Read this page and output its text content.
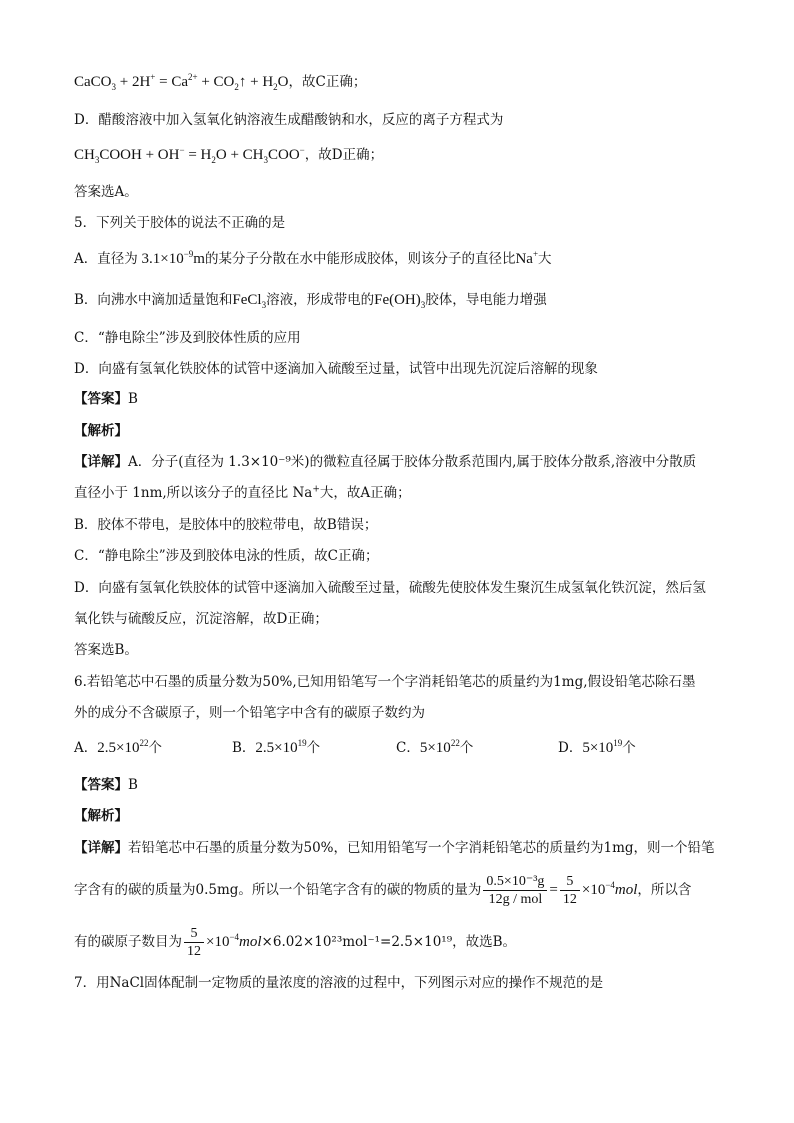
CaCO$_3$ + $2H^+ = Ca^{2+}$ + $CO_2↑ + H_2O$，故C正确；
D．醋酸溶液中加入氢氧化钠溶液生成醋酸钠和水，反应的离子方程式为
$CH_3COOH + OH^- = H_2O + CH_3COO^-$，故D正确；
答案选A。
5．下列关于胶体的说法不正确的是
A．直径为 $3.1\times 10^{-9}m$的某分子分散在水中能形成胶体，则该分子的直径比Na+大
B．向沸水中滴加适量饱和FeCl$_3$溶液，形成带电的$Fe(OH)_3$胶体，导电能力增强
C．“静电除尘”涉及到胶体性质的应用
D．向盛有氢氧化铁胶体的试管中逐滴加入硫酸至过量，试管中出现先沉淀后溶解的现象
【答案】B
【解析】
【详解】A．分子(直径为 1.3×10⁻⁹米)的微粒直径属于胶体分散系范围内,属于胶体分散系,溶液中分散质
直径小于 1nm,所以该分子的直径比 Na+大，故A正确；
B．胶体不带电，是胶体中的胶粒带电，故B错误；
C．“静电除尘”涉及到胶体电泳的性质，故C正确；
D．向盛有氢氧化铁胶体的试管中逐滴加入硫酸至过量，硫酸先使胶体发生聚沉生成氢氧化铁沉淀，然后氢
氧化铁与硫酸反应，沉淀溶解，故D正确；
答案选B。
6.若铅笔芯中石墨的质量分数为50%,已知用铅笔写一个字消耗铅笔芯的质量约为1mg,假设铅笔芯除石墨
外的成分不含碳原子，则一个铅笔字中含有的碳原子数约为
A．$2.5\times 10^{22}$个	B．$2.5\times 10^{19}$个	C．$5\times 10^{22}$个	D．$5\times 10^{19}$个
【答案】B
【解析】
【详解】若铅笔芯中石墨的质量分数为50%，已知用铅笔写一个字消耗铅笔芯的质量约为1mg，则一个铅笔
字含有的碳的质量为0.5mg。所以一个铅笔字含有的碳的物质的量为 $\frac{\text{0.5×10⁻³g}}{\text{12g / mol}} = \frac{5}{12} \times 10^{-4}mol$，所以含
有的碳原子数目为 $\frac{5}{12} \times 10^{-4}mol\times 6.02\times 10^{23}mol^{-1}=2.5\times 10^{19}$，故选B。
7．用NaCl固体配制一定物质的量浓度的溶液的过程中，下列图示对应的操作不规范的是
